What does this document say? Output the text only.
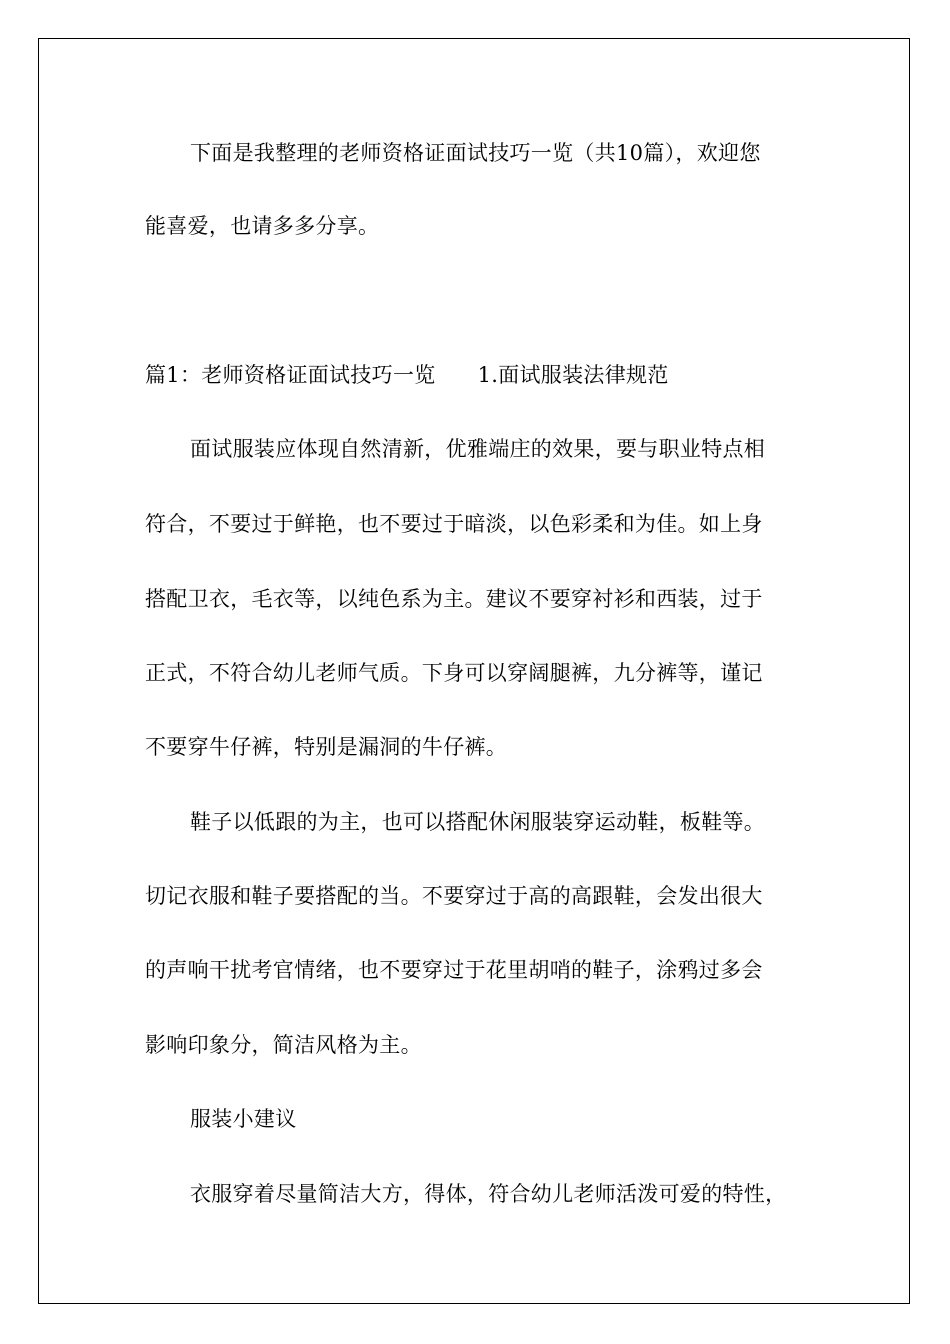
下面是我整理的老师资格证面试技巧一览（共10篇），欢迎您
能喜爱，也请多多分享。
篇1：老师资格证面试技巧一览 1.面试服装法律规范
面试服装应体现自然清新，优雅端庄的效果，要与职业特点相
符合，不要过于鲜艳，也不要过于暗淡，以色彩柔和为佳。如上身
搭配卫衣，毛衣等，以纯色系为主。建议不要穿衬衫和西装，过于
正式，不符合幼儿老师气质。下身可以穿阔腿裤，九分裤等，谨记
不要穿牛仔裤，特别是漏洞的牛仔裤。
鞋子以低跟的为主，也可以搭配休闲服装穿运动鞋，板鞋等。
切记衣服和鞋子要搭配的当。不要穿过于高的高跟鞋，会发出很大
的声响干扰考官情绪，也不要穿过于花里胡哨的鞋子，涂鸦过多会
影响印象分，简洁风格为主。
服装小建议
衣服穿着尽量简洁大方，得体，符合幼儿老师活泼可爱的特性，
